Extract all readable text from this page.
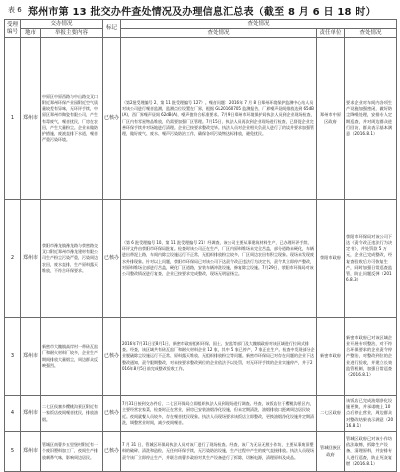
表 6 郑州市第 13 批交办件查处情况及办理信息汇总表（截至 8 月 6 日 18 时）
受理编号	交办情况		标记	查处情况		
	地市	举报主要内容		查处情况	责任单位	查处情况
1	郑州市	中原区中原西路与中山路交叉口附近郑州环保产业园附近空气质量较差有异味，无环评手续，中原区郑州市陶瓷有限公司，产生有毒废气，噪音扰民，厂房在农田，产生大量粉尘。企业未做防护措施，废液直排下水道，噪音严重污染环境。	已核办	（第2批受理编号 2、第 11 批受理编号 127）。噪音问题：2016年 7 月 8 日郑州环境保护监测中心站人员对该公司进行噪音监测，监测点位设置在厂界，根据 GL20160705 监测报告，厂界噪声昼间排放达到 65dB(A)，西厂界噪声昼间 62dB(A)，噪声值符合标准要求。7月9日郑州市环境保护局执法人员到企业现场检查，厂区内有零星物品堆放，仍需要加强厂区管理。7月15日，执法人员再次到企业现场进行检查，已督促企业完善环保手续并对场地进行清理。企业已按要求整改完毕。执法人员对企业相关负责人进行了约谈并要求加强管理，做好废气、废水、噪声污染防治工作，确保各项污染物达标排放，避免扰民。	郑州市中原区政府	要求企业对车间内各项生产设施加强密闭，做好防尘降噪处理，安排专人定期巡查，并对周边群众进行回访，群众表示基本满意（2016.8.1）
2	郑州市	荥阳市豫龙镇豫龙路与荥密路交叉口附近郑州市豫龙建材有限公司生产粉尘污染严重，污染周边农田，废水直排，生产原料露天堆放，不符合环保要求。	已核办	（第 6 批受理编号 10、第 11 批受理编号 21）经调查，该公司主要从事建筑材料生产，已办理环评手续，环评文件由荥阳市环保局批复。检查时该公司正在生产，厂区内原料堆场未完全苫盖，部分道路未硬化，车辆进出带泥上路，车间内除尘设施运行不正常，无组织排放粉尘较多，厂区周边农田有积尘现象。现场未发现废水外排现象。针对以上问题，荥阳市环保局已对该公司下达责令改正违法行为决定书，责令其立即停产整改，对原料堆场全部进行苫盖，硬化厂区道路，安装车辆冲洗设施，修复除尘设施。7月29日，荥阳市环保局对该公司整改情况进行复查，企业已按要求完成整改，现场无明显扬尘。	荥阳市政府	荥阳市环保局对该公司下达《责令改正违法行为决定书》，并处罚款 5 万元，企业已完成整改，经复查验收后方可恢复生产，同时加强日常巡查监管，防止问题反弹（2016.8.3）
3	郑州市	新密市大隗镇高岸村一带砖瓦窑厂和耐火材料厂较多，企业生产期间排放大量烟尘，周边群众反映强烈。	已核办	2016年7月31日至8月1日，新密市政府组织环保、国土、安监等部门及大隗镇政府对该区域进行拉网式排查。经查，该区域共有砖瓦窑厂和耐火材料企业 12 家，其中 5 家已停产，7 家正在生产。检查中发现部分企业脱硫除尘设施运行不正常、原料露天堆放、无组织排放粉尘等问题。新密市环保局已对存在问题的企业下达整改通知，责令限期整改，对未按要求整改到位的企业依法予以处罚，对无环评手续的企业实施停产，并于2016年8月5日前完成整改验收工作。	新密市政府	新密市政府已对该区域企业开展专项整治，对不符合环保要求的企业责令停产整治，对整改到位的企业进行验收，并建立长效监管机制，加强日常巡查（2016.8.1）
4	郑州市	二七区侯寨乡樱桃沟景区附近有一家饭店夜间噪音扰民，排放油烟。	已核办	7月31日接到交办件后，二七区环保局立即组织执法人员到现场进行调查。经查，该饭店位于樱桃沟景区内，主要经营农家菜，检查时正在营业，厨房已安装油烟净化设施，但未定期清洗，油烟排放口距离周边居民较近。夜间就餐人员较多，存在噪音扰民现象。执法人员现场要求该饭店立即整改，更换油烟净化设施并定期清洗，调整营业时间，减少夜间噪音。	二七区政府	该饭店已完成油烟净化设施更换，并承诺晚上 10 点后停止营业，周边群众对整改结果表示满意（2016.8.1）
5	郑州市	管城区南曹乡五里堡村附近有一个废旧塑料加工厂，夜间生产排放刺鼻气味，影响周边居民。	已核办	7 月 31 日，管城区环保局执法人员对该厂进行了现场检查。经查，该厂为无证无照小作坊，主要从事废旧塑料的破碎、清洗和造粒，无任何环保手续，无污染防治设施，生产过程中产生的废气直接排放。执法人员现场责令该厂立即停止生产，并联合南曹乡政府对其生产设备进行了拆除，切断电源，清理原料及成品。	管城回族区政府	管城区政府已对该小作坊依法取缔，拆除生产设备，清理原料，并安排专人进行巡查，防止死灰复燃（2016.8.1）
